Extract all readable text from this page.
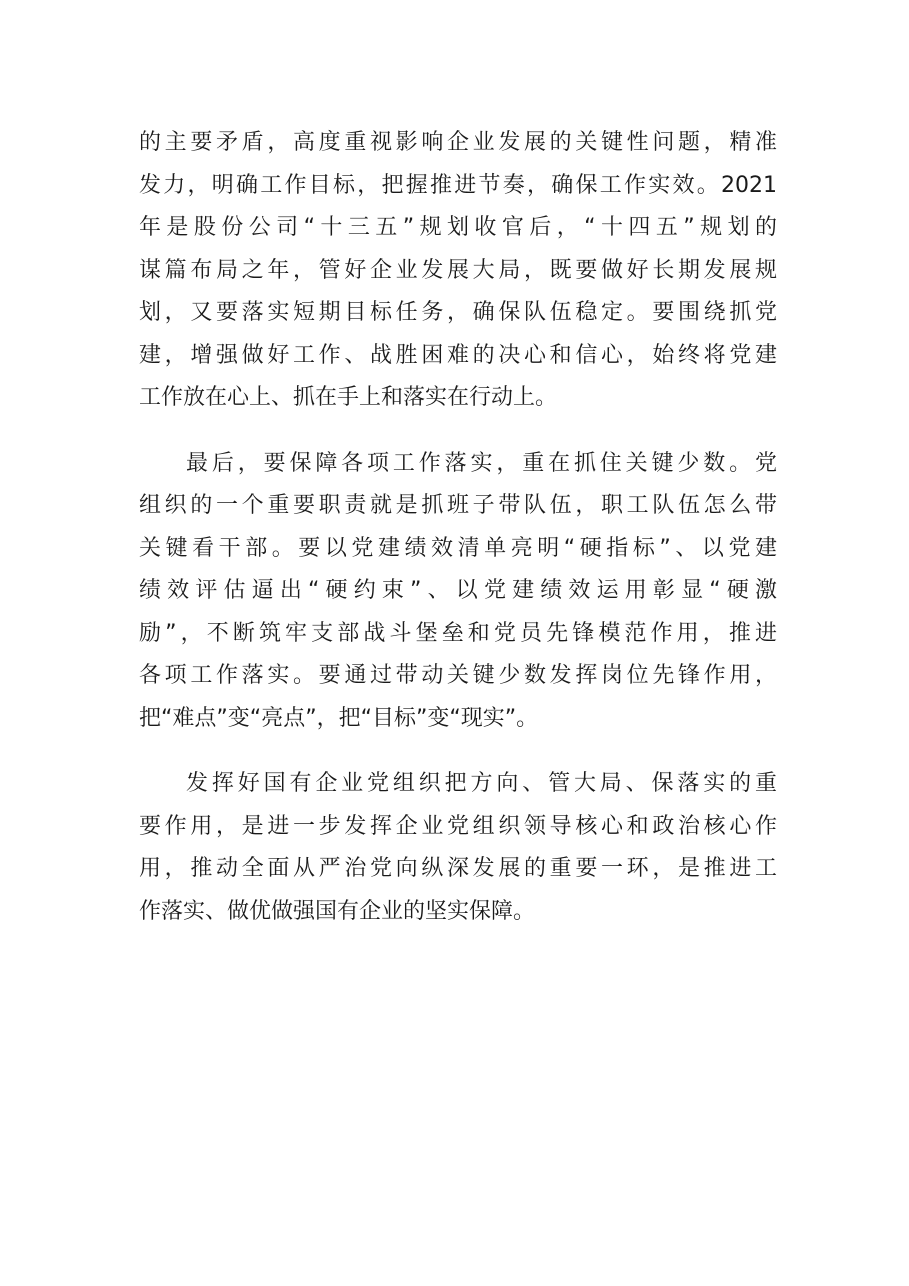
的主要矛盾，高度重视影响企业发展的关键性问题，精准
发力，明确工作目标，把握推进节奏，确保工作实效。2021
年是股份公司“十三五”规划收官后，“十四五”规划的
谋篇布局之年，管好企业发展大局，既要做好长期发展规
划，又要落实短期目标任务，确保队伍稳定。要围绕抓党
建，增强做好工作、战胜困难的决心和信心，始终将党建
工作放在心上、抓在手上和落实在行动上。
最后，要保障各项工作落实，重在抓住关键少数。党
组织的一个重要职责就是抓班子带队伍，职工队伍怎么带
关键看干部。要以党建绩效清单亮明“硬指标”、以党建
绩效评估逼出“硬约束”、以党建绩效运用彰显“硬激
励”，不断筑牢支部战斗堡垒和党员先锋模范作用，推进
各项工作落实。要通过带动关键少数发挥岗位先锋作用，
把“难点”变“亮点”，把“目标”变“现实”。
发挥好国有企业党组织把方向、管大局、保落实的重
要作用，是进一步发挥企业党组织领导核心和政治核心作
用，推动全面从严治党向纵深发展的重要一环，是推进工
作落实、做优做强国有企业的坚实保障。
